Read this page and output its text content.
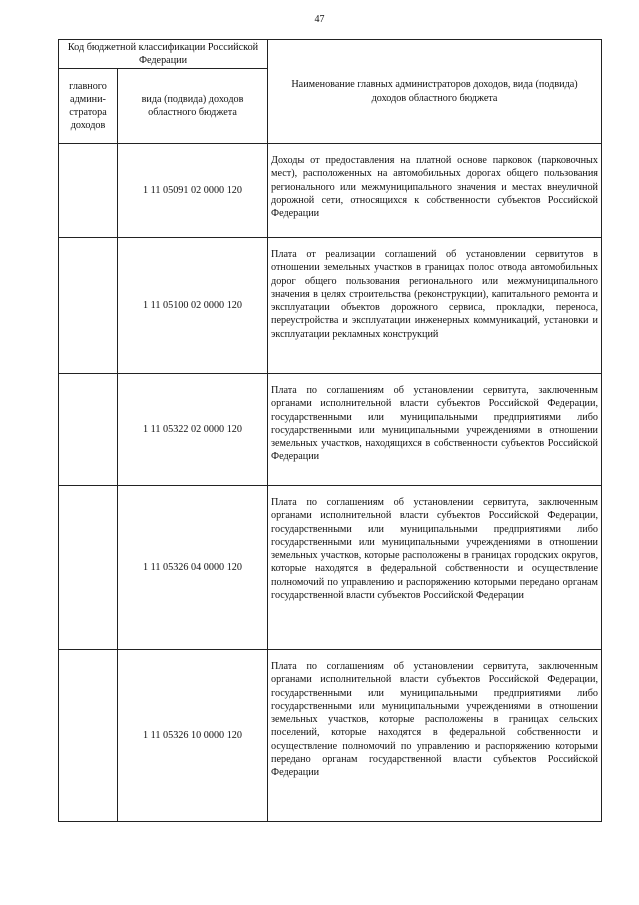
47
Код бюджетной классификации Российской Федерации		Наименование главных администраторов доходов, вида (подвида) доходов областного бюджета
главного админи-стратора доходов	вида (подвида) доходов областного бюджета	
	1 11 05091 02 0000 120	Доходы от предоставления на платной основе парковок (парковочных мест), расположенных на автомобильных дорогах общего пользования регионального или межмуниципального значения и местах внеуличной дорожной сети, относящихся к собственности субъектов Российской Федерации

	1 11 05100 02 0000 120	Плата от реализации соглашений об установлении сервитутов в отношении земельных участков в границах полос отвода автомобильных дорог общего пользования регионального или межмуниципального значения в целях строительства (реконструкции), капитального ремонта и эксплуатации объектов дорожного сервиса, прокладки, переноса, переустройства и эксплуатации инженерных коммуникаций, установки и эксплуатации рекламных конструкций

	1 11 05322 02 0000 120	Плата по соглашениям об установлении сервитута, заключенным органами исполнительной власти субъектов Российской Федерации, государственными или муниципальными предприятиями либо государственными или муниципальными учреждениями в отношении земельных участков, находящихся в собственности субъектов Российской Федерации

	1 11 05326 04 0000 120	Плата по соглашениям об установлении сервитута, заключенным органами исполнительной власти субъектов Российской Федерации, государственными или муниципальными предприятиями либо государственными или муниципальными учреждениями в отношении земельных участков, которые расположены в границах городских округов, которые находятся в федеральной собственности и осуществление полномочий по управлению и распоряжению которыми передано органам государственной власти субъектов Российской Федерации

	1 11 05326 10 0000 120	Плата по соглашениям об установлении сервитута, заключенным органами исполнительной власти субъектов Российской Федерации, государственными или муниципальными предприятиями либо государственными или муниципальными учреждениями в отношении земельных участков, которые расположены в границах сельских поселений, которые находятся в федеральной собственности и осуществление полномочий по управлению и распоряжению которыми передано органам государственной власти субъектов Российской Федерации
